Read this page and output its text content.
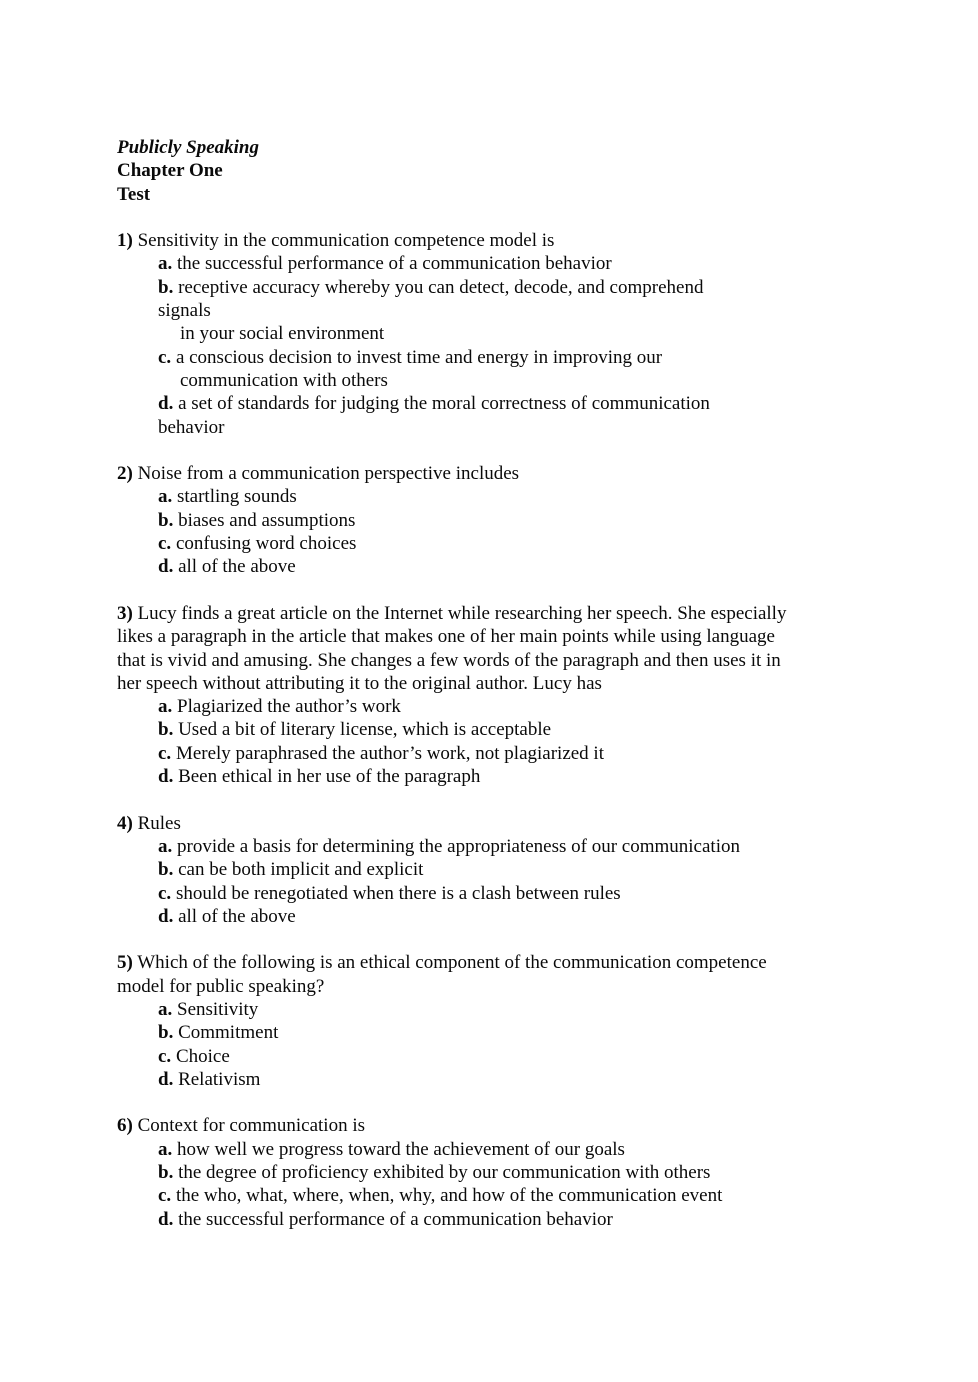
Publicly Speaking
Chapter One
Test
1) Sensitivity in the communication competence model is
a. the successful performance of a communication behavior
b. receptive accuracy whereby you can detect, decode, and comprehend
signals
in your social environment
c. a conscious decision to invest time and energy in improving our
communication with others
d. a set of standards for judging the moral correctness of communication
behavior
2) Noise from a communication perspective includes
a. startling sounds
b. biases and assumptions
c. confusing word choices
d. all of the above
3) Lucy finds a great article on the Internet while researching her speech. She especially likes a paragraph in the article that makes one of her main points while using language that is vivid and amusing. She changes a few words of the paragraph and then uses it in her speech without attributing it to the original author. Lucy has
a. Plagiarized the author’s work
b. Used a bit of literary license, which is acceptable
c. Merely paraphrased the author’s work, not plagiarized it
d. Been ethical in her use of the paragraph
4) Rules
a. provide a basis for determining the appropriateness of our communication
b. can be both implicit and explicit
c. should be renegotiated when there is a clash between rules
d. all of the above
5) Which of the following is an ethical component of the communication competence model for public speaking?
a. Sensitivity
b. Commitment
c. Choice
d. Relativism
6) Context for communication is
a. how well we progress toward the achievement of our goals
b. the degree of proficiency exhibited by our communication with others
c. the who, what, where, when, why, and how of the communication event
d. the successful performance of a communication behavior
